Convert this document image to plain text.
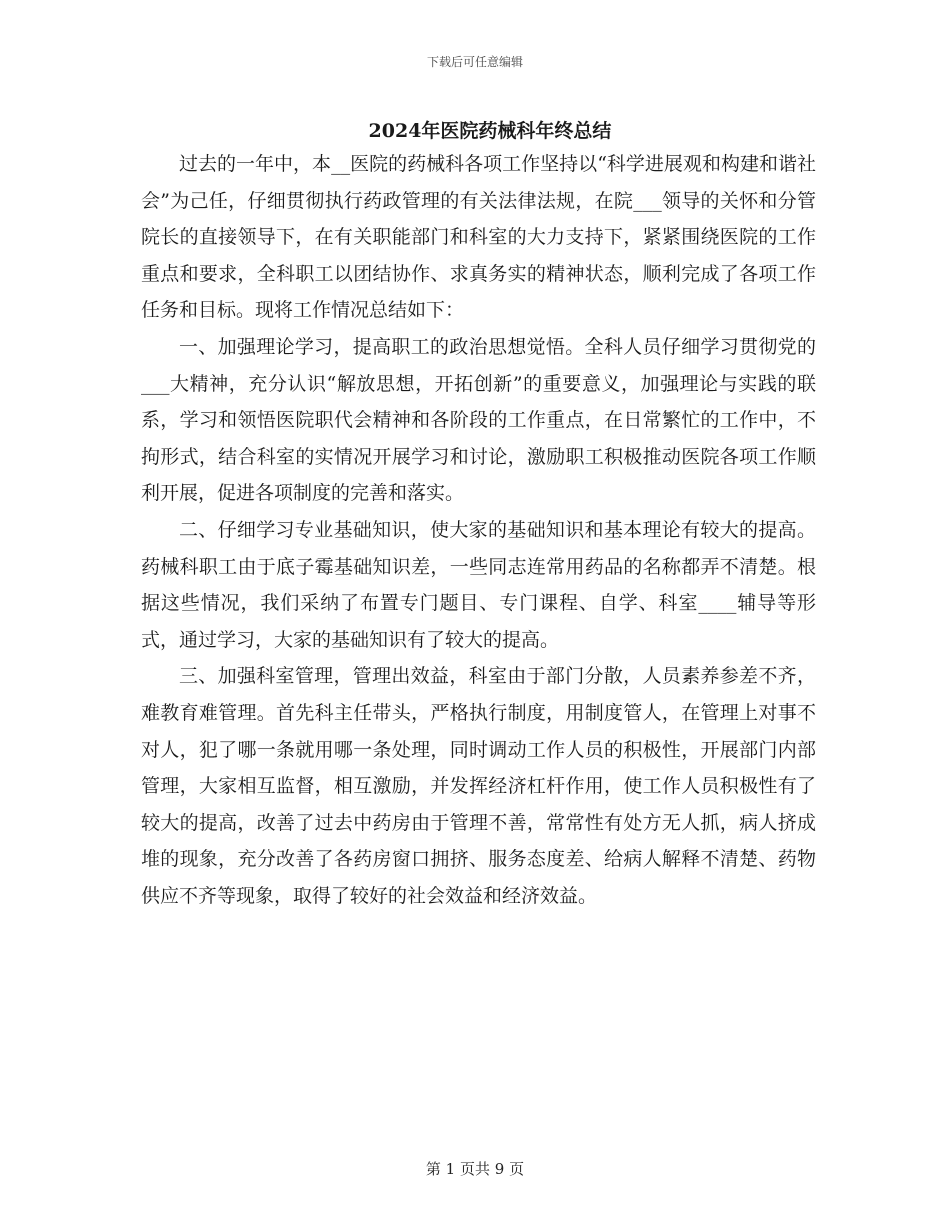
下载后可任意编辑
2024年医院药械科年终总结

过去的一年中，本__医院的药械科各项工作坚持以“科学进展观和构建和谐社会”为己任，仔细贯彻执行药政管理的有关法律法规，在院___领导的关怀和分管院长的直接领导下，在有关职能部门和科室的大力支持下，紧紧围绕医院的工作重点和要求，全科职工以团结协作、求真务实的精神状态，顺利完成了各项工作任务和目标。现将工作情况总结如下：

一、加强理论学习，提高职工的政治思想觉悟。全科人员仔细学习贯彻党的___大精神，充分认识“解放思想，开拓创新”的重要意义，加强理论与实践的联系，学习和领悟医院职代会精神和各阶段的工作重点，在日常繁忙的工作中，不拘形式，结合科室的实情况开展学习和讨论，激励职工积极推动医院各项工作顺利开展，促进各项制度的完善和落实。

二、仔细学习专业基础知识，使大家的基础知识和基本理论有较大的提高。药械科职工由于底子霉基础知识差，一些同志连常用药品的名称都弄不清楚。根据这些情况，我们采纳了布置专门题目、专门课程、自学、科室____辅导等形式，通过学习，大家的基础知识有了较大的提高。

三、加强科室管理，管理出效益，科室由于部门分散，人员素养参差不齐，难教育难管理。首先科主任带头，严格执行制度，用制度管人，在管理上对事不对人，犯了哪一条就用哪一条处理，同时调动工作人员的积极性，开展部门内部管理，大家相互监督，相互激励，并发挥经济杠杆作用，使工作人员积极性有了较大的提高，改善了过去中药房由于管理不善，常常性有处方无人抓，病人挤成堆的现象，充分改善了各药房窗口拥挤、服务态度差、给病人解释不清楚、药物供应不齐等现象，取得了较好的社会效益和经济效益。

第 1 页共 9 页
